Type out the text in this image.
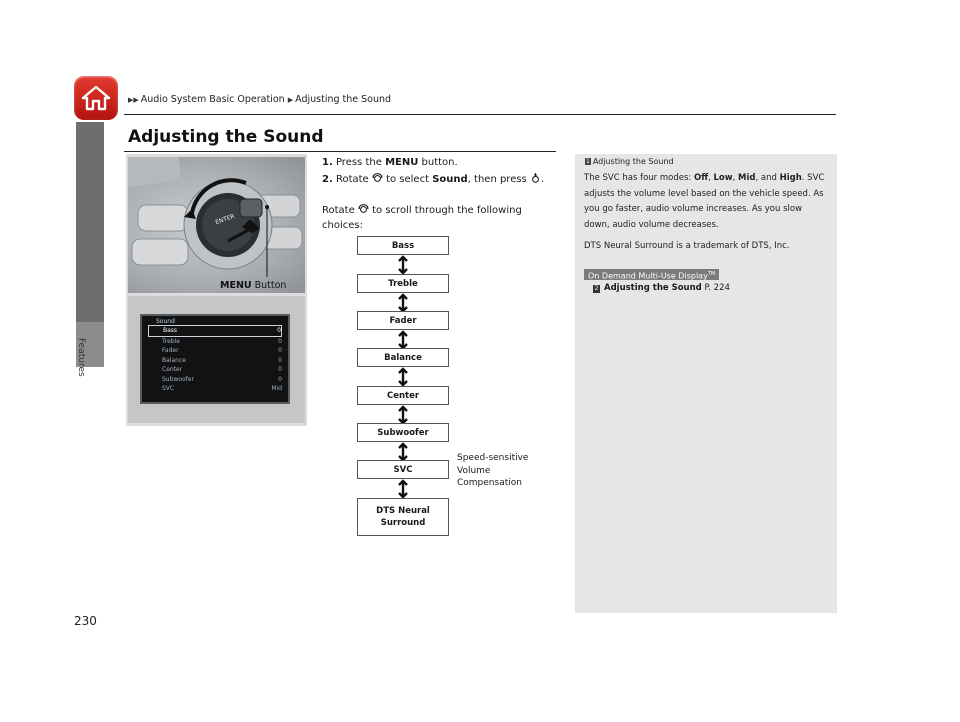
Features
▶▶ Audio System Basic Operation ▶ Adjusting the Sound
Adjusting the Sound
ENTER
MENU Button
Sound
Bass	0
Treble	0
Fader	0
Balance	0
Center	0
Subwoofer	0
SVC	Mid
1. Press the MENU button.
2. Rotate to select Sound, then press .
Rotate to scroll through the following choices:
Bass
Treble
Fader
Balance
Center
Subwoofer
SVC
DTS Neural
Surround
Speed-sensitive
Volume
Compensation
1 Adjusting the Sound
The SVC has four modes: Off, Low, Mid, and High. SVC adjusts the volume level based on the vehicle speed. As you go faster, audio volume increases. As you slow down, audio volume decreases.
DTS Neural Surround is a trademark of DTS, Inc.
On Demand Multi-Use Display™
2 Adjusting the Sound P. 224
230
